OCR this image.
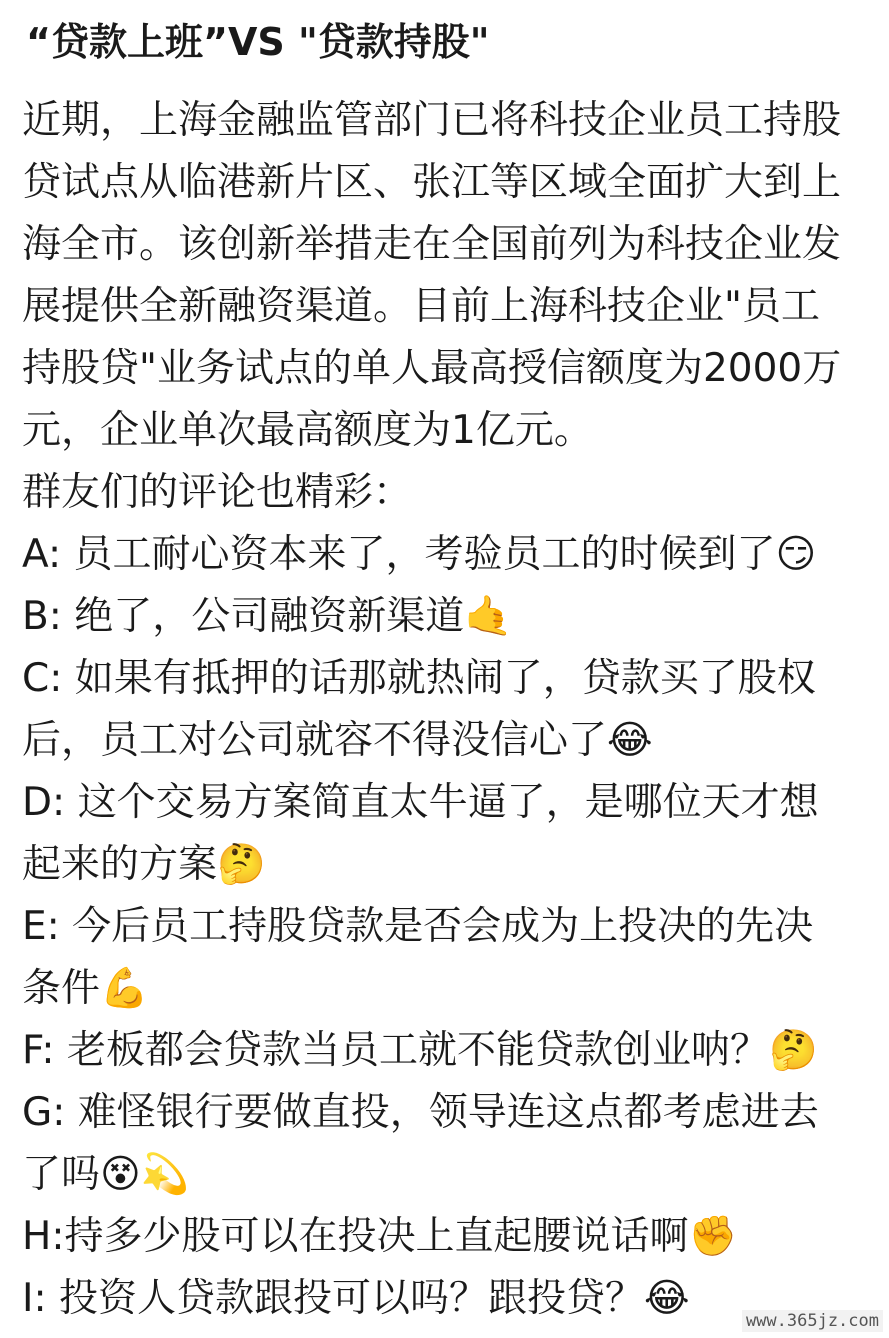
“贷款上班”VS "贷款持股"

近期，上海金融监管部门已将科技企业员工持股贷试点从临港新片区、张江等区域全面扩大到上海全市。该创新举措走在全国前列为科技企业发展提供全新融资渠道。目前上海科技企业"员工持股贷"业务试点的单人最高授信额度为2000万元，企业单次最高额度为1亿元。

群友们的评论也精彩：

A: 员工耐心资本来了，考验员工的时候到了😏

B: 绝了，公司融资新渠道🤙

C: 如果有抵押的话那就热闹了，贷款买了股权后，员工对公司就容不得没信心了😂

D: 这个交易方案简直太牛逼了，是哪位天才想起来的方案🤔

E: 今后员工持股贷款是否会成为上投决的先决条件💪

F: 老板都会贷款当员工就不能贷款创业呐？🤔

G: 难怪银行要做直投，领导连这点都考虑进去了吗😵💫

H:持多少股可以在投决上直起腰说话啊✊

I: 投资人贷款跟投可以吗？跟投贷？😂	www.365jz.com
